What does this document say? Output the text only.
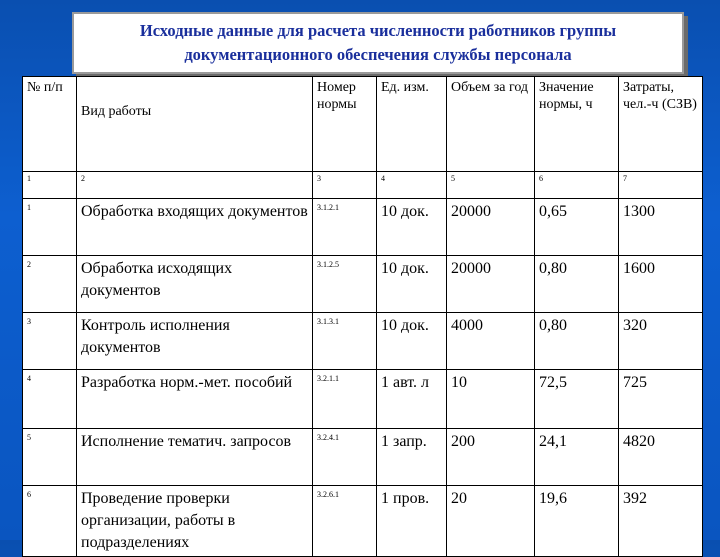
Исходные данные для расчета численности работников группы
документационного обеспечения службы персонала
№ п/п	Вид работы	Номер нормы	Ед. изм.	Объем за год	Значение нормы, ч	Затраты, чел.-ч (СЗВ)
1	2	3	4	5	6	7
1	Обработка входящих документов	3.1.2.1	10 док.	20000	0,65	1300
2	Обработка исходящих документов	3.1.2.5	10 док.	20000	0,80	1600
3	Контроль исполнения документов	3.1.3.1	10 док.	4000	0,80	320
4	Разработка норм.-мет. пособий	3.2.1.1	1 авт. л	10	72,5	725
5	Исполнение тематич. запросов	3.2.4.1	1 запр.	200	24,1	4820
6	Проведение проверки организации, работы в подразделениях	3.2.6.1	1 пров.	20	19,6	392
